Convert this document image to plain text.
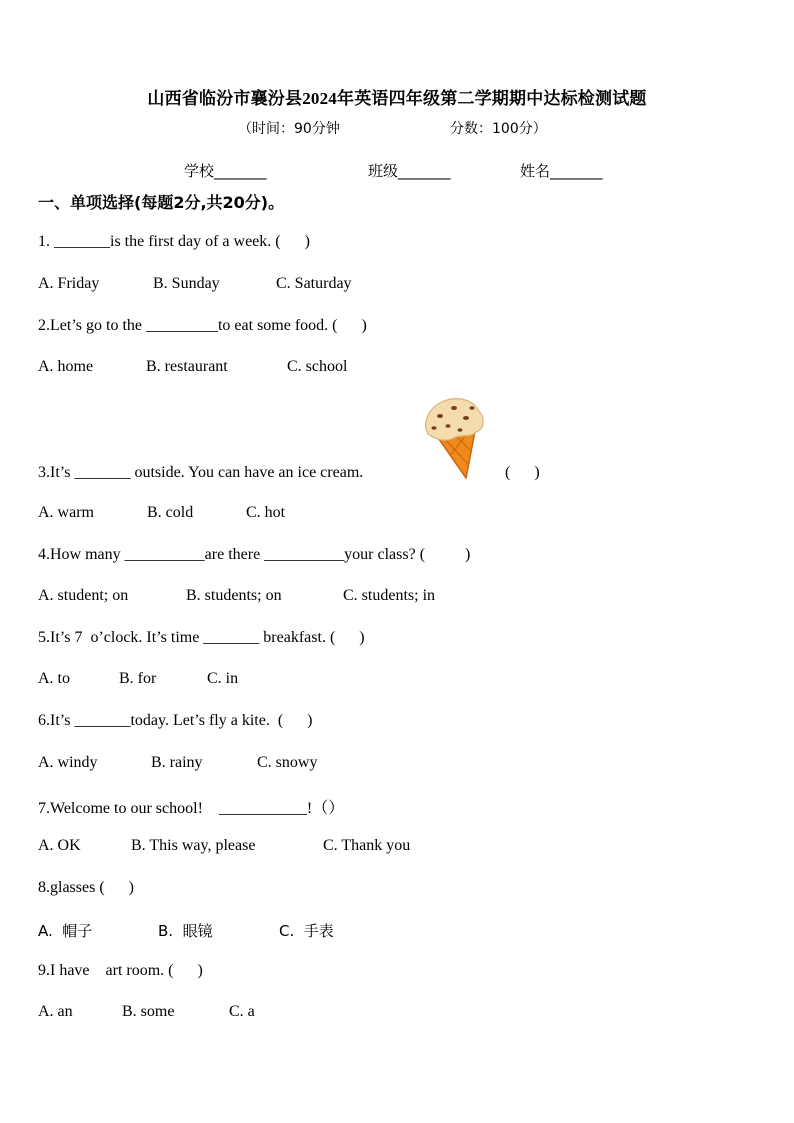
山西省临汾市襄汾县2024年英语四年级第二学期期中达标检测试题
（时间：90分钟	分数：100分）
学校_______	班级_______	姓名_______
一、单项选择(每题2分,共20分)。
1. _______is the first day of a week. (      )
A. Friday	B. Sunday	C. Saturday
2.Let’s go to the _________to eat some food. (      )
A. home	B. restaurant	C. school
3.It’s _______ outside. You can have an ice cream.	(      )
A. warm	B. cold	C. hot
4.How many __________are there __________your class? (          )
A. student; on	B. students; on	C. students; in
5.It’s 7  o’clock. It’s time _______ breakfast. (      )
A. to	B. for	C. in
6.It’s _______today. Let’s fly a kite.  (      )
A. windy	B. rainy	C. snowy
7.Welcome to our school!    ___________!（）
A. OK	B. This way, please	C. Thank you
8.glasses (      )
A.  帽子	B.  眼镜	C.  手表
9.I have    art room. (      )
A. an	B. some	C. a
